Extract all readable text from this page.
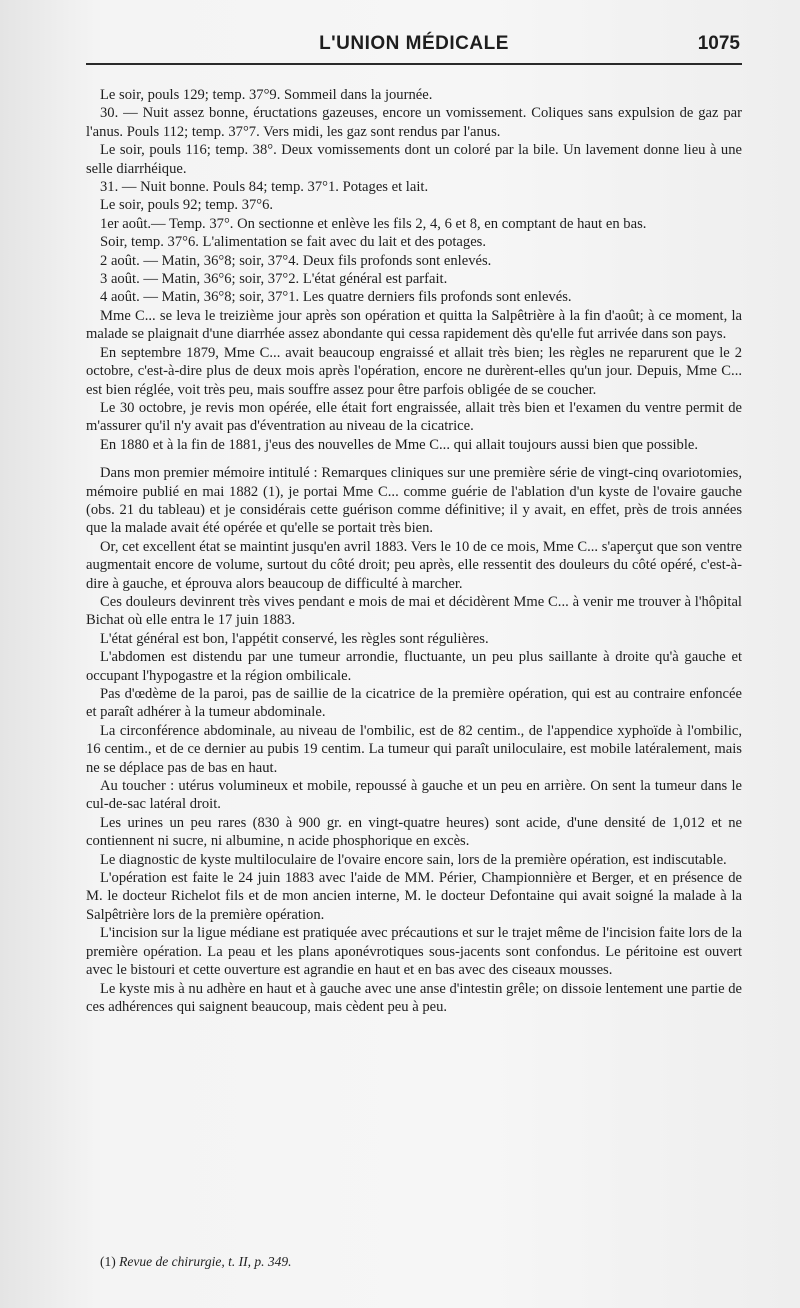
L'UNION MÉDICALE	1075

Le soir, pouls 129; temp. 37°9. Sommeil dans la journée.

30. — Nuit assez bonne, éructations gazeuses, encore un vomissement. Coliques sans expulsion de gaz par l'anus. Pouls 112; temp. 37°7. Vers midi, les gaz sont rendus par l'anus.

Le soir, pouls 116; temp. 38°. Deux vomissements dont un coloré par la bile. Un lavement donne lieu à une selle diarrhéique.

31. — Nuit bonne. Pouls 84; temp. 37°1. Potages et lait.

Le soir, pouls 92; temp. 37°6.

1er août.— Temp. 37°. On sectionne et enlève les fils 2, 4, 6 et 8, en comptant de haut en bas.

Soir, temp. 37°6. L'alimentation se fait avec du lait et des potages.

2 août. — Matin, 36°8; soir, 37°4. Deux fils profonds sont enlevés.

3 août. — Matin, 36°6; soir, 37°2. L'état général est parfait.

4 août. — Matin, 36°8; soir, 37°1. Les quatre derniers fils profonds sont enlevés.

Mme C... se leva le treizième jour après son opération et quitta la Salpêtrière à la fin d'août; à ce moment, la malade se plaignait d'une diarrhée assez abondante qui cessa rapidement dès qu'elle fut arrivée dans son pays.

En septembre 1879, Mme C... avait beaucoup engraissé et allait très bien; les règles ne reparurent que le 2 octobre, c'est-à-dire plus de deux mois après l'opération, encore ne durèrent-elles qu'un jour. Depuis, Mme C... est bien réglée, voit très peu, mais souffre assez pour être parfois obligée de se coucher.

Le 30 octobre, je revis mon opérée, elle était fort engraissée, allait très bien et l'examen du ventre permit de m'assurer qu'il n'y avait pas d'éventration au niveau de la cicatrice.

En 1880 et à la fin de 1881, j'eus des nouvelles de Mme C... qui allait toujours aussi bien que possible.

Dans mon premier mémoire intitulé : Remarques cliniques sur une première série de vingt-cinq ovariotomies, mémoire publié en mai 1882 (1), je portai Mme C... comme guérie de l'ablation d'un kyste de l'ovaire gauche (obs. 21 du tableau) et je considérais cette guérison comme définitive; il y avait, en effet, près de trois années que la malade avait été opérée et qu'elle se portait très bien.

Or, cet excellent état se maintint jusqu'en avril 1883. Vers le 10 de ce mois, Mme C... s'aperçut que son ventre augmentait encore de volume, surtout du côté droit; peu après, elle ressentit des douleurs du côté opéré, c'est-à-dire à gauche, et éprouva alors beaucoup de difficulté à marcher.

Ces douleurs devinrent très vives pendant e mois de mai et décidèrent Mme C... à venir me trouver à l'hôpital Bichat où elle entra le 17 juin 1883.

L'état général est bon, l'appétit conservé, les règles sont régulières.

L'abdomen est distendu par une tumeur arrondie, fluctuante, un peu plus saillante à droite qu'à gauche et occupant l'hypogastre et la région ombilicale.

Pas d'œdème de la paroi, pas de saillie de la cicatrice de la première opération, qui est au contraire enfoncée et paraît adhérer à la tumeur abdominale.

La circonférence abdominale, au niveau de l'ombilic, est de 82 centim., de l'appendice xyphoïde à l'ombilic, 16 centim., et de ce dernier au pubis 19 centim. La tumeur qui paraît uniloculaire, est mobile latéralement, mais ne se déplace pas de bas en haut.

Au toucher : utérus volumineux et mobile, repoussé à gauche et un peu en arrière. On sent la tumeur dans le cul-de-sac latéral droit.

Les urines un peu rares (830 à 900 gr. en vingt-quatre heures) sont acide, d'une densité de 1,012 et ne contiennent ni sucre, ni albumine, n acide phosphorique en excès.

Le diagnostic de kyste multiloculaire de l'ovaire encore sain, lors de la première opération, est indiscutable.

L'opération est faite le 24 juin 1883 avec l'aide de MM. Périer, Championnière et Berger, et en présence de M. le docteur Richelot fils et de mon ancien interne, M. le docteur Defontaine qui avait soigné la malade à la Salpêtrière lors de la première opération.

L'incision sur la ligue médiane est pratiquée avec précautions et sur le trajet même de l'incision faite lors de la première opération. La peau et les plans aponévrotiques sous-jacents sont confondus. Le péritoine est ouvert avec le bistouri et cette ouverture est agrandie en haut et en bas avec des ciseaux mousses.

Le kyste mis à nu adhère en haut et à gauche avec une anse d'intestin grêle; on dissoie lentement une partie de ces adhérences qui saignent beaucoup, mais cèdent peu à peu.

(1) Revue de chirurgie, t. II, p. 349.
